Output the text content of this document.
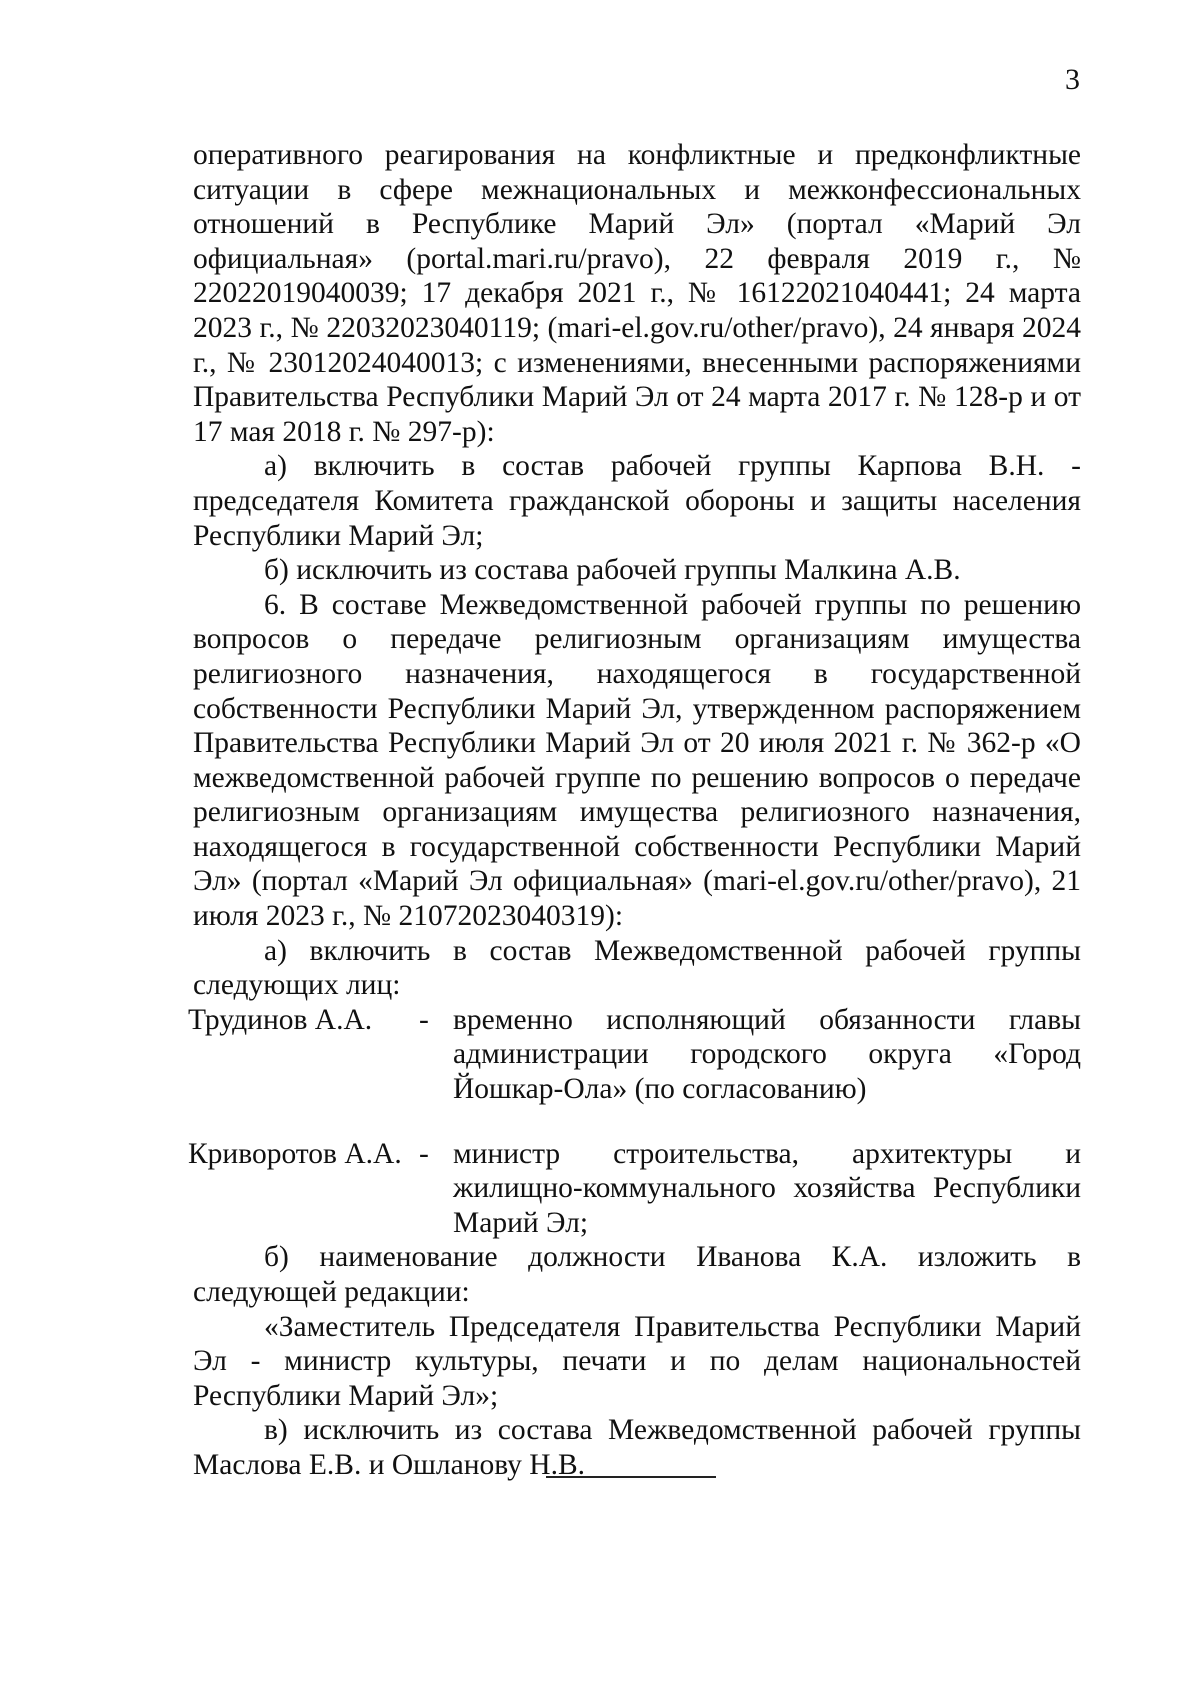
3

оперативного реагирования на конфликтные и предконфликтные ситуации в сфере межнациональных и межконфессиональных отношений в Республике Марий Эл» (портал «Марий Эл официальная» (portal.mari.ru/pravo), 22 февраля 2019 г., № 22022019040039; 17 декабря 2021 г., № 16122021040441; 24 марта 2023 г., № 22032023040119; (mari-el.gov.ru/other/pravo), 24 января 2024 г., № 23012024040013; с изменениями, внесенными распоряжениями Правительства Республики Марий Эл от 24 марта 2017 г. № 128-р и от 17 мая 2018 г. № 297-р):

а) включить в состав рабочей группы Карпова В.Н. - председателя Комитета гражданской обороны и защиты населения Республики Марий Эл;

б) исключить из состава рабочей группы Малкина А.В.

6. В составе Межведомственной рабочей группы по решению вопросов о передаче религиозным организациям имущества религиозного назначения, находящегося в государственной собственности Республики Марий Эл, утвержденном распоряжением Правительства Республики Марий Эл от 20 июля 2021 г. № 362-р «О межведомственной рабочей группе по решению вопросов о передаче религиозным организациям имущества религиозного назначения, находящегося в государственной собственности Республики Марий Эл» (портал «Марий Эл официальная» (mari-el.gov.ru/other/pravo), 21 июля 2023 г., № 21072023040319):

а) включить в состав Межведомственной рабочей группы следующих лиц:

Трудинов А.А.	- временно исполняющий обязанности главы администрации городского округа «Город Йошкар-Ола» (по согласованию)
Криворотов А.А. - министр строительства, архитектуры и жилищно-коммунального хозяйства Республики Марий Эл;

б) наименование должности Иванова К.А. изложить в следующей редакции:

«Заместитель Председателя Правительства Республики Марий Эл - министр культуры, печати и по делам национальностей Республики Марий Эл»;

в) исключить из состава Межведомственной рабочей группы Маслова Е.В. и Ошланову Н.В.
